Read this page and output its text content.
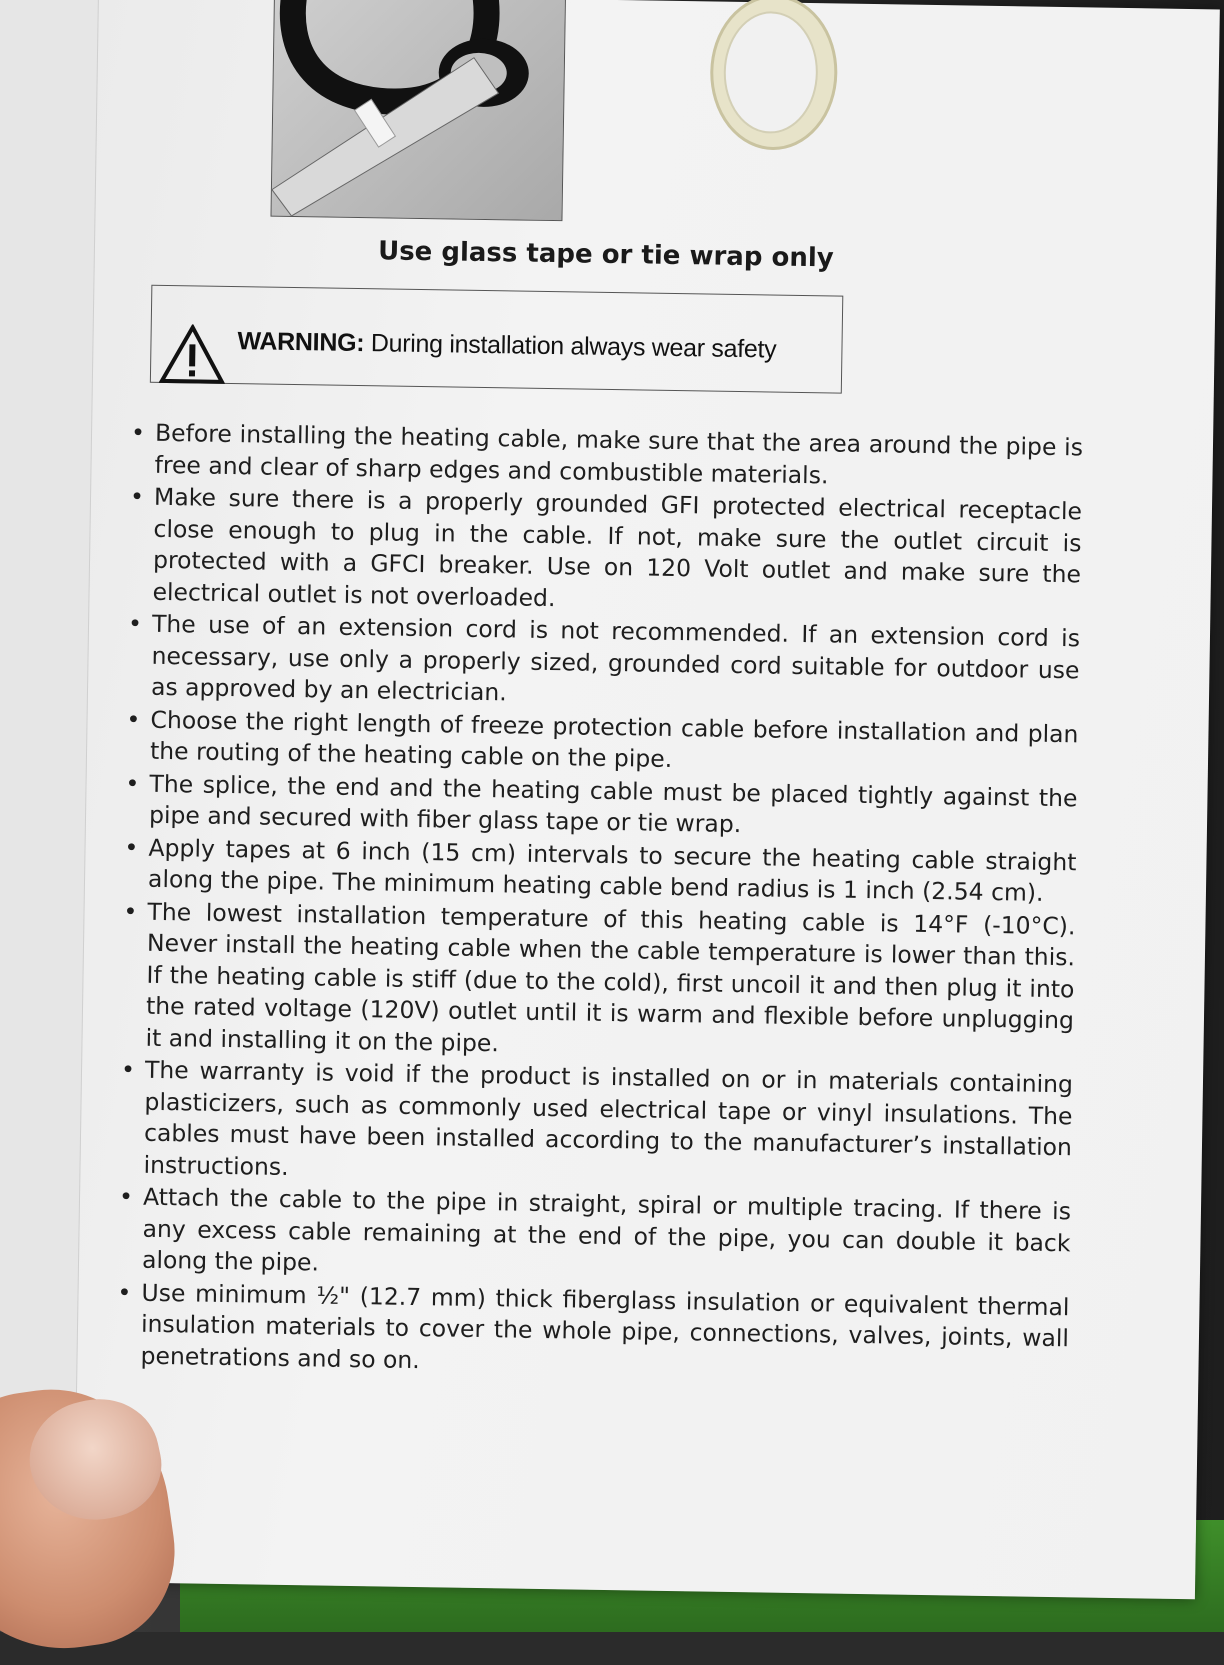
Use glass tape or tie wrap only
WARNING: During installation always wear safety
• Before installing the heating cable, make sure that the area around the pipe is free and clear of sharp edges and combustible materials.
• Make sure there is a properly grounded GFI protected electrical receptacle close enough to plug in the cable. If not, make sure the outlet circuit is protected with a GFCI breaker. Use on 120 Volt outlet and make sure the electrical outlet is not overloaded.
• The use of an extension cord is not recommended. If an extension cord is necessary, use only a properly sized, grounded cord suitable for outdoor use as approved by an electrician.
• Choose the right length of freeze protection cable before installation and plan the routing of the heating cable on the pipe.
• The splice, the end and the heating cable must be placed tightly against the pipe and secured with fiber glass tape or tie wrap.
• Apply tapes at 6 inch (15 cm) intervals to secure the heating cable straight along the pipe. The minimum heating cable bend radius is 1 inch (2.54 cm).
• The lowest installation temperature of this heating cable is 14°F (-10°C). Never install the heating cable when the cable temperature is lower than this. If the heating cable is stiff (due to the cold), first uncoil it and then plug it into the rated voltage (120V) outlet until it is warm and flexible before unplugging it and installing it on the pipe.
• The warranty is void if the product is installed on or in materials containing plasticizers, such as commonly used electrical tape or vinyl insulations. The cables must have been installed according to the manufacturer’s installation instructions.
• Attach the cable to the pipe in straight, spiral or multiple tracing. If there is any excess cable remaining at the end of the pipe, you can double it back along the pipe.
• Use minimum ½" (12.7 mm) thick fiberglass insulation or equivalent thermal insulation materials to cover the whole pipe, connections, valves, joints, wall penetrations and so on.
